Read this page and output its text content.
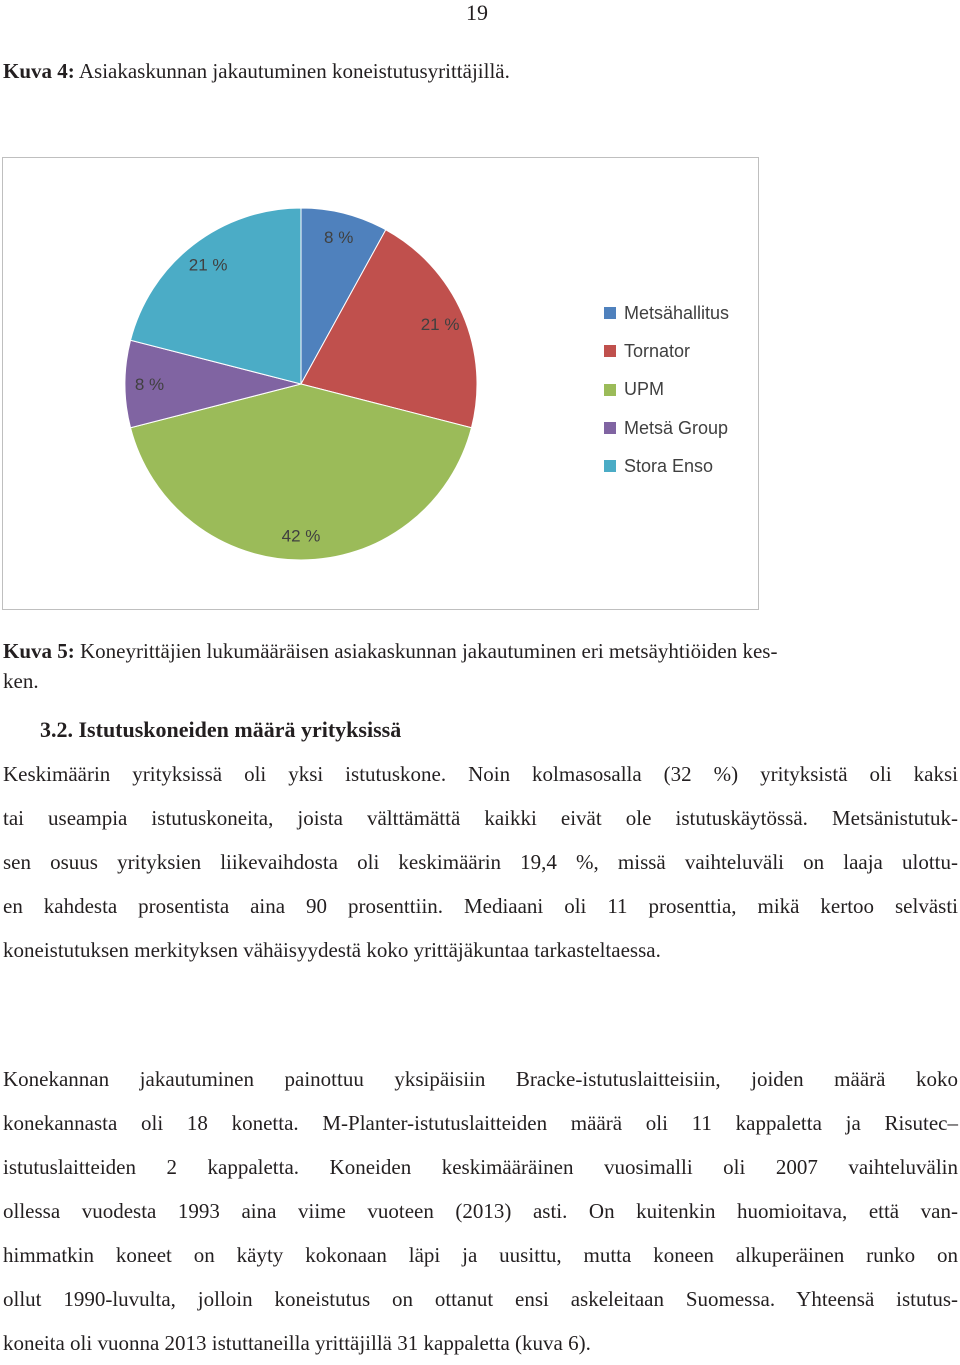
19
Kuva 4: Asiakaskunnan jakautuminen koneistutusyrittäjillä.
8 %
21 %
42 %
8 %
21 %
Metsähallitus
Tornator
UPM
Metsä Group
Stora Enso
Kuva 5: Koneyrittäjien lukumääräisen asiakaskunnan jakautuminen eri metsäyhtiöiden kes-
ken.
3.2. Istutuskoneiden määrä yrityksissä
Keskimäärin yrityksissä oli yksi istutuskone. Noin kolmasosalla (32 %) yrityksistä oli kaksi
tai useampia istutuskoneita, joista välttämättä kaikki eivät ole istutuskäytössä. Metsänistutuk-
sen osuus yrityksien liikevaihdosta oli keskimäärin 19,4 %, missä vaihteluväli on laaja ulottu-
en kahdesta prosentista aina 90 prosenttiin. Mediaani oli 11 prosenttia, mikä kertoo selvästi
koneistutuksen merkityksen vähäisyydestä koko yrittäjäkuntaa tarkasteltaessa.
Konekannan jakautuminen painottuu yksipäisiin Bracke-istutuslaitteisiin, joiden määrä koko
konekannasta oli 18 konetta. M-Planter-istutuslaitteiden määrä oli 11 kappaletta ja Risutec–
istutuslaitteiden 2 kappaletta. Koneiden keskimääräinen vuosimalli oli 2007 vaihteluvälin
ollessa vuodesta 1993 aina viime vuoteen (2013) asti. On kuitenkin huomioitava, että van-
himmatkin koneet on käyty kokonaan läpi ja uusittu, mutta koneen alkuperäinen runko on
ollut 1990-luvulta, jolloin koneistutus on ottanut ensi askeleitaan Suomessa. Yhteensä istutus-
koneita oli vuonna 2013 istuttaneilla yrittäjillä 31 kappaletta (kuva 6).
